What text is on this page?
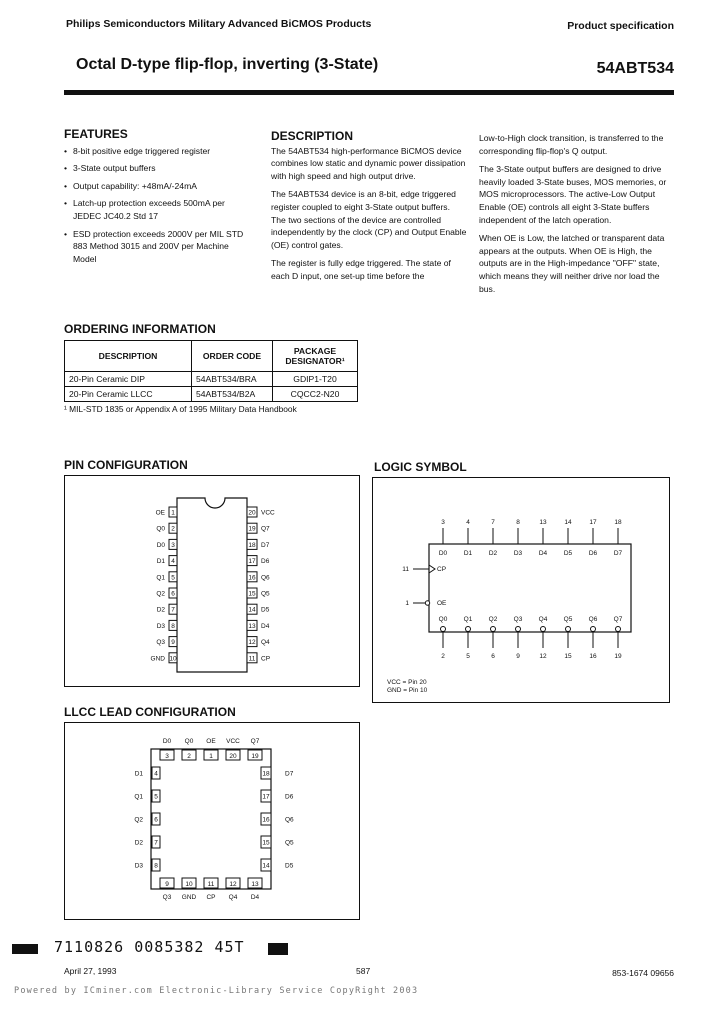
Philips Semiconductors Military Advanced BiCMOS Products	Product specification
Octal D-type flip-flop, inverting (3-State)	54ABT534
FEATURES
• 8-bit positive edge triggered register
• 3-State output buffers
• Output capability: +48mA/-24mA
• Latch-up protection exceeds 500mA per JEDEC JC40.2 Std 17
• ESD protection exceeds 2000V per MIL STD 883 Method 3015 and 200V per Machine Model
DESCRIPTION

The 54ABT534 high-performance BiCMOS device combines low static and dynamic power dissipation with high speed and high output drive.

The 54ABT534 device is an 8-bit, edge triggered register coupled to eight 3-State output buffers. The two sections of the device are controlled independently by the clock (CP) and Output Enable (OE) control gates.

The register is fully edge triggered. The state of each D input, one set-up time before the

Low-to-High clock transition, is transferred to the corresponding flip-flop's Q output.

The 3-State output buffers are designed to drive heavily loaded 3-State buses, MOS memories, or MOS microprocessors. The active-Low Output Enable (OE) controls all eight 3-State buffers independent of the latch operation.

When OE is Low, the latched or transparent data appears at the outputs. When OE is High, the outputs are in the High-impedance "OFF" state, which means they will neither drive nor load the bus.

ORDERING INFORMATION
DESCRIPTION	ORDER CODE	PACKAGE DESIGNATOR¹
20-Pin Ceramic DIP	54ABT534/BRA	GDIP1-T20
20-Pin Ceramic LLCC	54ABT534/B2A	CQCC2-N20
¹ MIL-STD 1835 or Appendix A of 1995 Military Data Handbook
PIN CONFIGURATION
1
OE
2
Q0
3
D0
4
D1
5
Q1
6
Q2
7
D2
8
D3
9
Q3
10
GND
20 VCC
19 Q7
18 D7
17 D6
16 Q6
15 Q5
14 D5
13 D4
12 Q4
11 CP
LOGIC SYMBOL
3
D0
Q0
2
4
D1
Q1
5
7
D2
Q2
6
8
D3
Q3
9
13
D4
Q4
12
14
D5
Q5
15
17
D6
Q6
16
18
D7
Q7
19
11	CP
1	OE
VCC = Pin 20
GND = Pin 10
LLCC LEAD CONFIGURATION
3
D0
2
Q0
1
OE
20
VCC
19
Q7
9
Q3
10
GND
11
CP
12
Q4
13
D4
4
D1
5
Q1
6
Q2
7
D2
8
D3
18 D7
17 D6
16 Q6
15 Q5
14 D5
7110826 0085382 45T
April 27, 1993	587	853-1674 09656
Powered by ICminer.com Electronic-Library Service CopyRight 2003
